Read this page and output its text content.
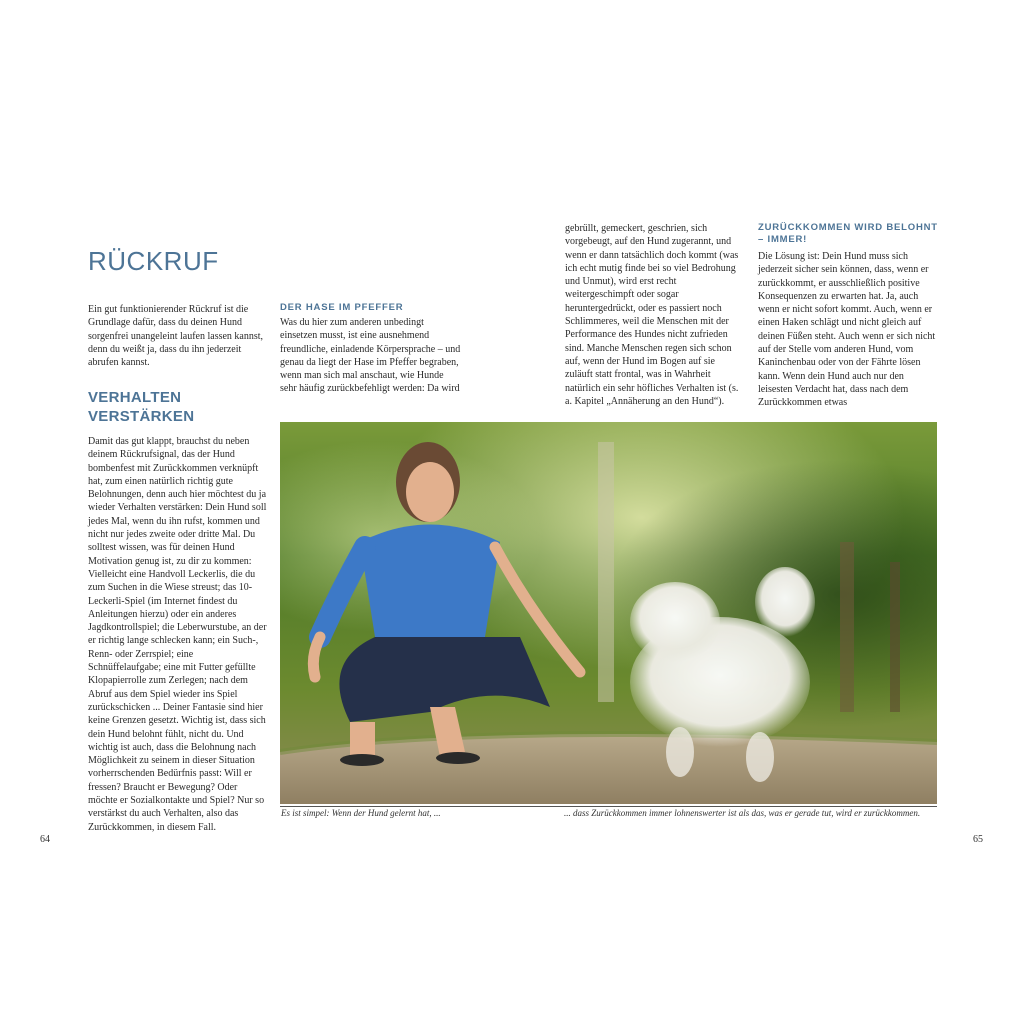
RÜCKRUF

Ein gut funktionierender Rückruf ist die Grundlage dafür, dass du deinen Hund sorgenfrei unangeleint laufen lassen kannst, denn du weißt ja, dass du ihn jederzeit abrufen kannst.

VERHALTEN VERSTÄRKEN

Damit das gut klappt, brauchst du neben deinem Rückrufsignal, das der Hund bombenfest mit Zurückkommen verknüpft hat, zum einen natürlich richtig gute Belohnungen, denn auch hier möchtest du ja wieder Verhalten verstärken: Dein Hund soll jedes Mal, wenn du ihn rufst, kommen und nicht nur jedes zweite oder dritte Mal. Du solltest wissen, was für deinen Hund Motivation genug ist, zu dir zu kommen: Vielleicht eine Handvoll Leckerlis, die du zum Suchen in die Wiese streust; das 10-Leckerli-Spiel (im Internet findest du Anleitungen hierzu) oder ein anderes Jagdkontrollspiel; die Leberwurstube, an der er richtig lange schlecken kann; ein Such-, Renn- oder Zerrspiel; eine Schnüffelaufgabe; eine mit Futter gefüllte Klopapierrolle zum Zerlegen; nach dem Abruf aus dem Spiel wieder ins Spiel zurückschicken ... Deiner Fantasie sind hier keine Grenzen gesetzt. Wichtig ist, dass sich dein Hund belohnt fühlt, nicht du. Und wichtig ist auch, dass die Belohnung nach Möglichkeit zu seinem in dieser Situation vorherrschenden Bedürfnis passt: Will er fressen? Braucht er Bewegung? Oder möchte er Sozialkontakte und Spiel? Nur so verstärkst du auch Verhalten, also das Zurückkommen, in diesem Fall.

DER HASE IM PFEFFER

Was du hier zum anderen unbedingt einsetzen musst, ist eine ausnehmend freundliche, einladende Körpersprache – und genau da liegt der Hase im Pfeffer begraben, wenn man sich mal anschaut, wie Hunde sehr häufig zurückbefehligt werden: Da wird

gebrüllt, gemeckert, geschrien, sich vorgebeugt, auf den Hund zugerannt, und wenn er dann tatsächlich doch kommt (was ich echt mutig finde bei so viel Bedrohung und Unmut), wird erst recht weitergeschimpft oder sogar heruntergedrückt, oder es passiert noch Schlimmeres, weil die Menschen mit der Performance des Hundes nicht zufrieden sind. Manche Menschen regen sich schon auf, wenn der Hund im Bogen auf sie zuläuft statt frontal, was in Wahrheit natürlich ein sehr höfliches Verhalten ist (s. a. Kapitel „Annäherung an den Hund“).

ZURÜCKKOMMEN WIRD BELOHNT – IMMER!

Die Lösung ist: Dein Hund muss sich jederzeit sicher sein können, dass, wenn er zurückkommt, er ausschließlich positive Konsequenzen zu erwarten hat. Ja, auch wenn er nicht sofort kommt. Auch, wenn er einen Haken schlägt und nicht gleich auf deinen Füßen steht. Auch wenn er sich nicht auf der Stelle vom anderen Hund, vom Kaninchenbau oder von der Fährte lösen kann. Wenn dein Hund auch nur den leisesten Verdacht hat, dass nach dem Zurückkommen etwas

Es ist simpel: Wenn der Hund gelernt hat, ...	... dass Zurückkommen immer lohnenswerter ist als das, was er gerade tut, wird er zurückkommen.
64	65
